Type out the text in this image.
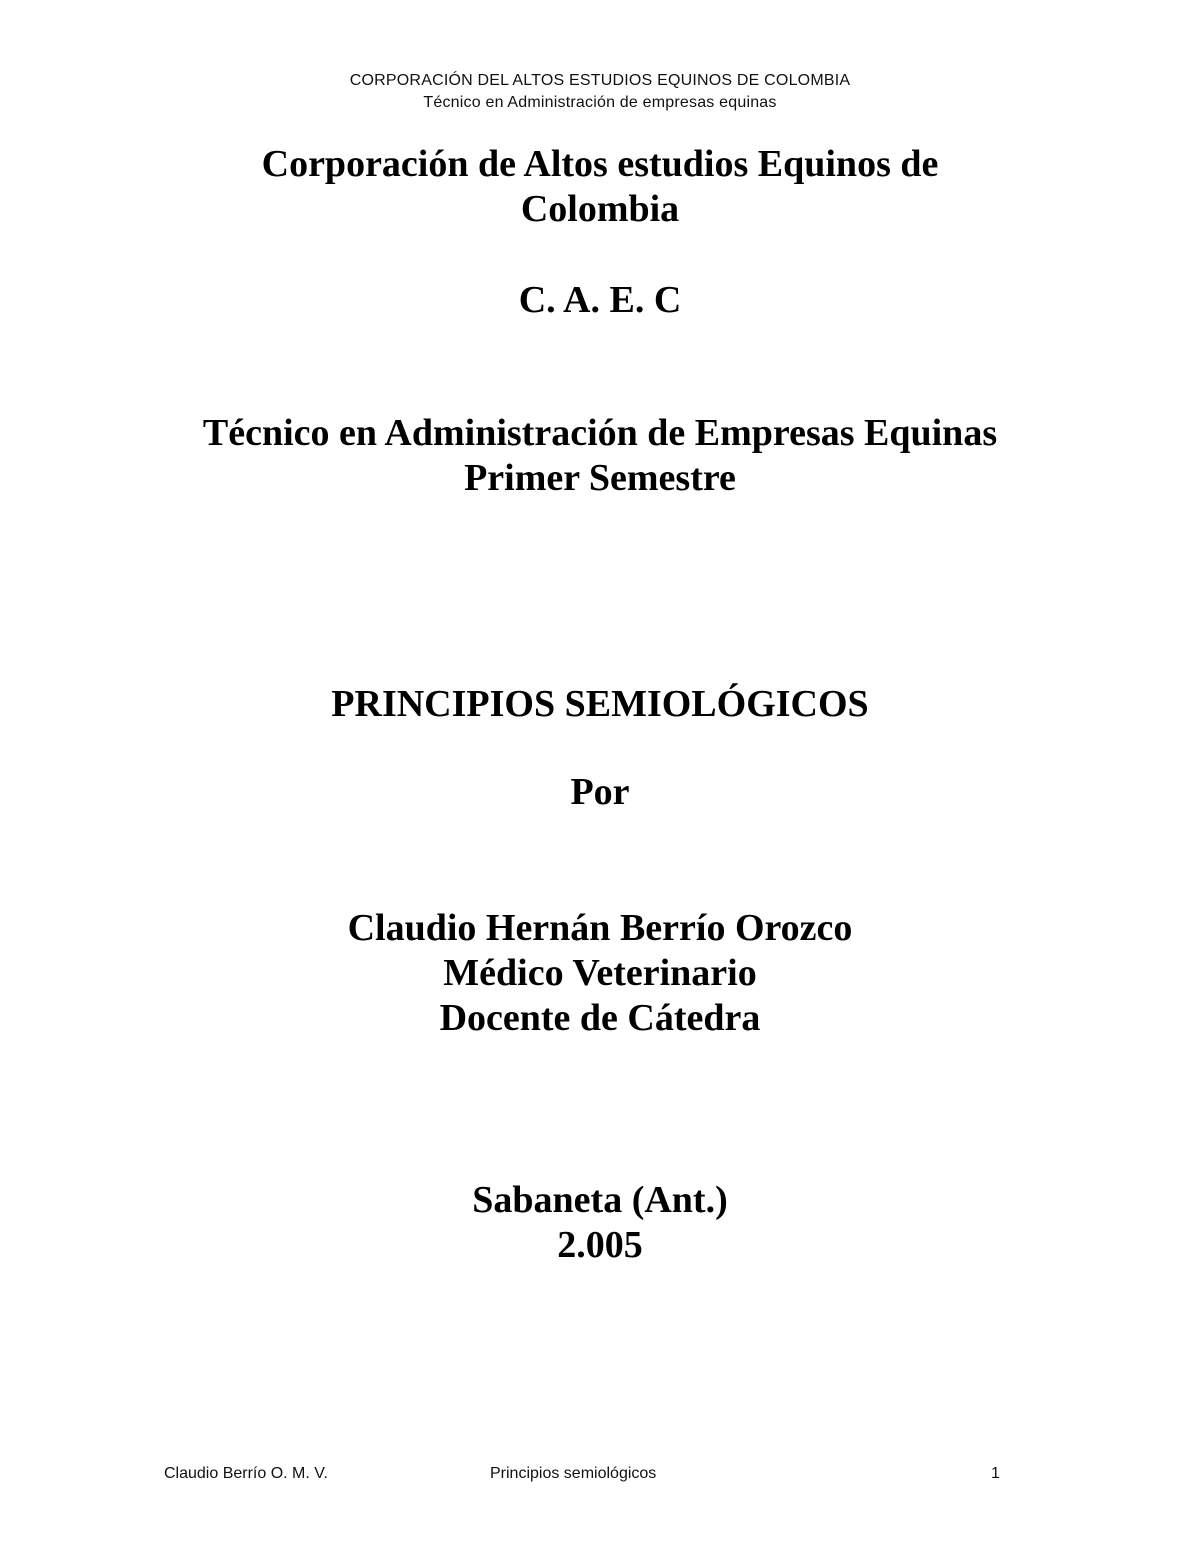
CORPORACIÓN DEL ALTOS ESTUDIOS EQUINOS DE COLOMBIA
Técnico en Administración de empresas equinas
Corporación de Altos estudios Equinos de
Colombia
C. A. E. C
Técnico en Administración de Empresas Equinas
Primer Semestre
PRINCIPIOS SEMIOLÓGICOS
Por
Claudio Hernán Berrío Orozco
Médico Veterinario
Docente de Cátedra
Sabaneta (Ant.)
2.005
Claudio Berrío O. M. V.	Principios semiológicos	1
